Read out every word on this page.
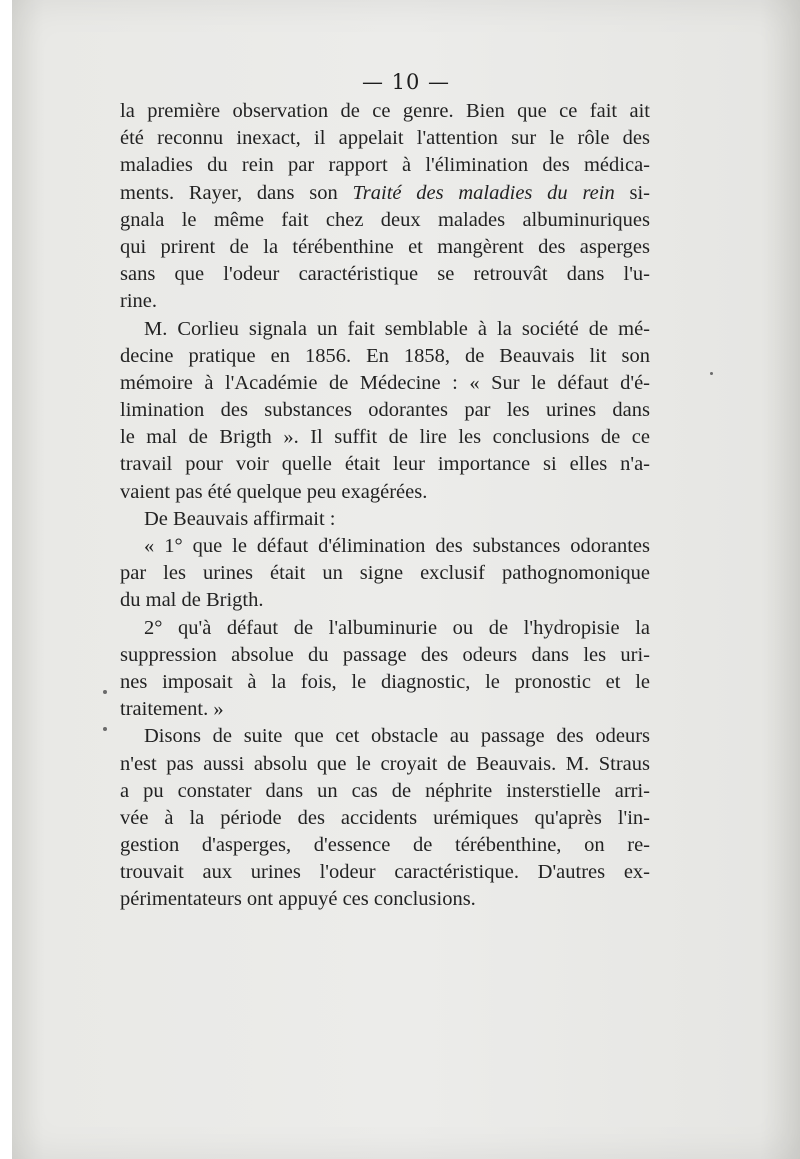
— 10 —
la première observation de ce genre. Bien que ce fait ait
été reconnu inexact, il appelait l'attention sur le rôle des
maladies du rein par rapport à l'élimination des médica-
ments. Rayer, dans son Traité des maladies du rein si-
gnala le même fait chez deux malades albuminuriques
qui prirent de la térébenthine et mangèrent des asperges
sans que l'odeur caractéristique se retrouvât dans l'u-
rine.
M. Corlieu signala un fait semblable à la société de mé-
decine pratique en 1856. En 1858, de Beauvais lit son
mémoire à l'Académie de Médecine : « Sur le défaut d'é-
limination des substances odorantes par les urines dans
le mal de Brigth ». Il suffit de lire les conclusions de ce
travail pour voir quelle était leur importance si elles n'a-
vaient pas été quelque peu exagérées.
De Beauvais affirmait :
« 1° que le défaut d'élimination des substances odorantes
par les urines était un signe exclusif pathognomonique
du mal de Brigth.
2° qu'à défaut de l'albuminurie ou de l'hydropisie la
suppression absolue du passage des odeurs dans les uri-
nes imposait à la fois, le diagnostic, le pronostic et le
traitement. »
Disons de suite que cet obstacle au passage des odeurs
n'est pas aussi absolu que le croyait de Beauvais. M. Straus
a pu constater dans un cas de néphrite insterstielle arri-
vée à la période des accidents urémiques qu'après l'in-
gestion d'asperges, d'essence de térébenthine, on re-
trouvait aux urines l'odeur caractéristique. D'autres ex-
périmentateurs ont appuyé ces conclusions.
